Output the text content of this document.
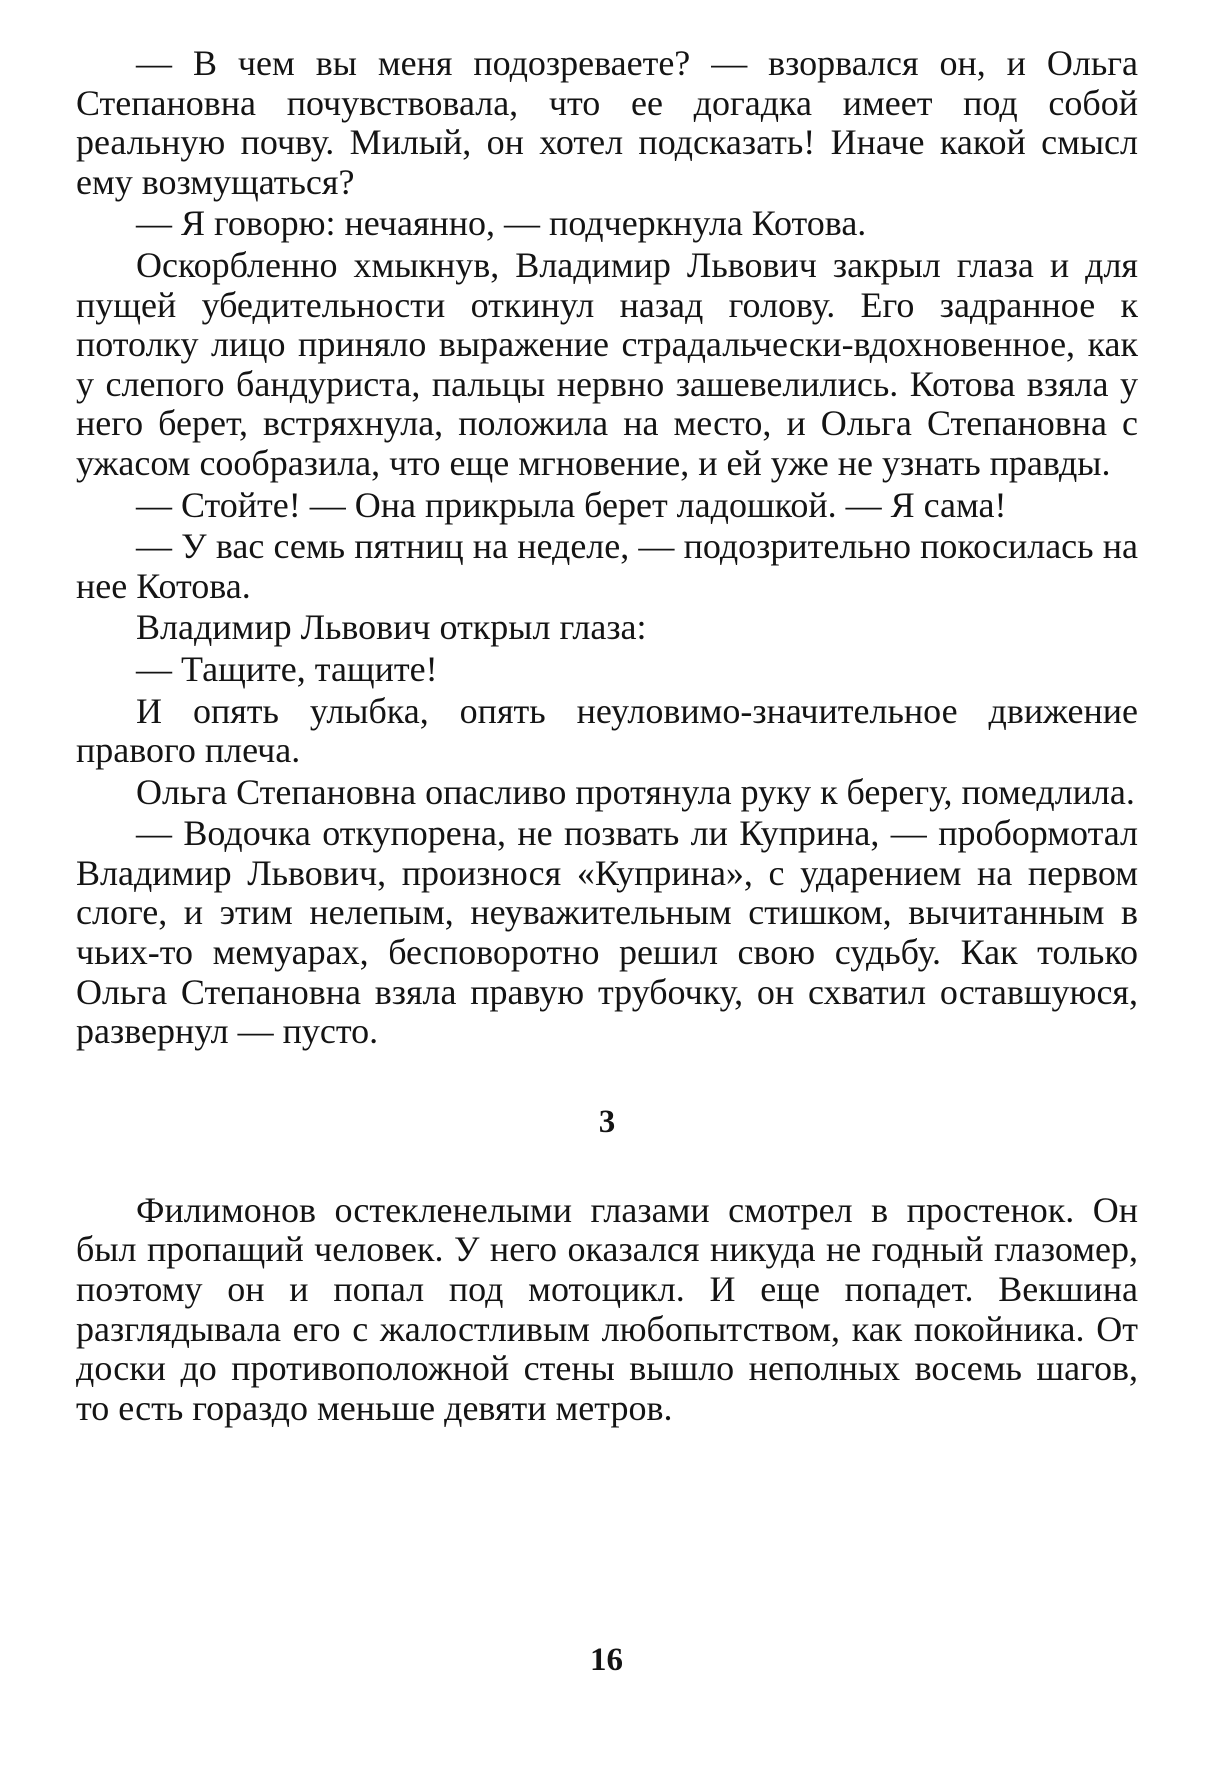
— В чем вы меня подозреваете? — взорвался он, и Ольга Степановна почувствовала, что ее догадка имеет под собой реальную почву. Милый, он хотел подсказать! Иначе какой смысл ему возмущаться?

— Я говорю: нечаянно, — подчеркнула Котова.

Оскорбленно хмыкнув, Владимир Львович закрыл глаза и для пущей убедительности откинул назад голову. Его задранное к потолку лицо приняло выражение страдальчески-вдохновенное, как у слепого бандуриста, пальцы нервно зашевелились. Котова взяла у него берет, встряхнула, положила на место, и Ольга Степановна с ужасом сообразила, что еще мгновение, и ей уже не узнать правды.

— Стойте! — Она прикрыла берет ладошкой. — Я сама!

— У вас семь пятниц на неделе, — подозрительно покосилась на нее Котова.

Владимир Львович открыл глаза:

— Тащите, тащите!

И опять улыбка, опять неуловимо-значительное движение правого плеча.

Ольга Степановна опасливо протянула руку к берегу, помедлила.

— Водочка откупорена, не позвать ли Куприна, — пробормотал Владимир Львович, произнося «Куприна», с ударением на первом слоге, и этим нелепым, неуважительным стишком, вычитанным в чьих-то мемуарах, бесповоротно решил свою судьбу. Как только Ольга Степановна взяла правую трубочку, он схватил оставшуюся, развернул — пусто.

3

Филимонов остекленелыми глазами смотрел в простенок. Он был пропащий человек. У него оказался никуда не годный глазомер, поэтому он и попал под мотоцикл. И еще попадет. Векшина разглядывала его с жалостливым любопытством, как покойника. От доски до противоположной стены вышло неполных восемь шагов, то есть гораздо меньше девяти метров.

16
